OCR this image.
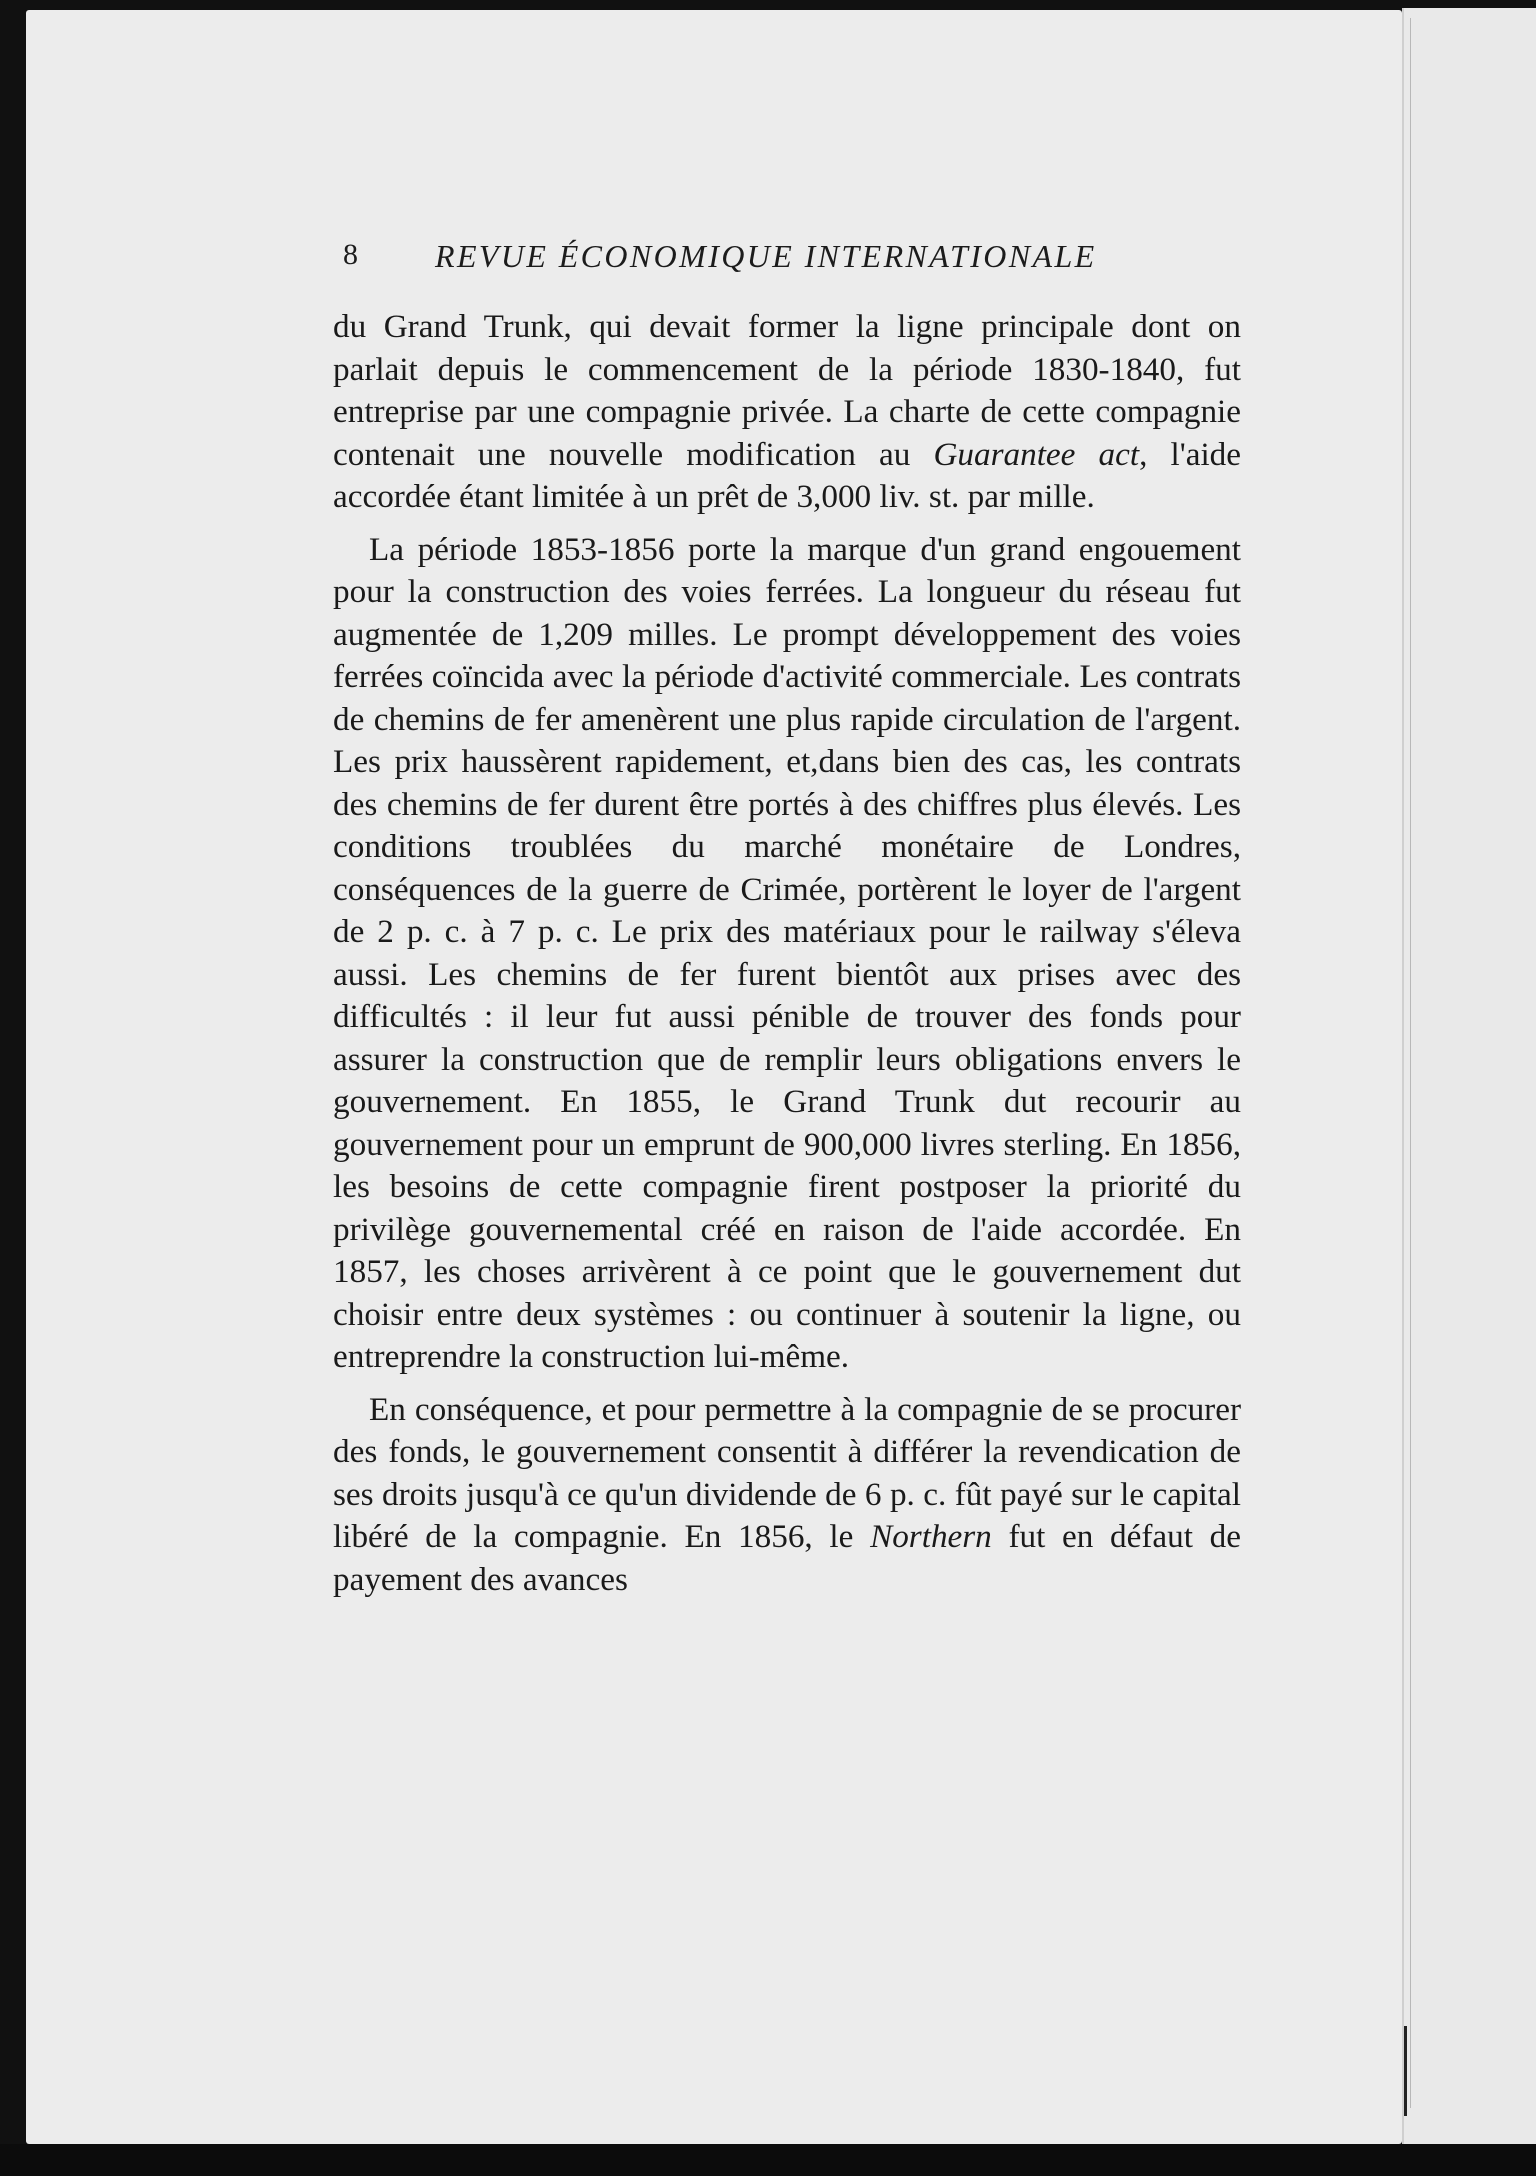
8 REVUE ÉCONOMIQUE INTERNATIONALE

du Grand Trunk, qui devait former la ligne principale dont on parlait depuis le commencement de la période 1830-1840, fut entreprise par une compagnie privée. La charte de cette compagnie contenait une nouvelle modification au Guarantee act, l'aide accordée étant limitée à un prêt de 3,000 liv. st. par mille.

La période 1853-1856 porte la marque d'un grand engouement pour la construction des voies ferrées. La longueur du réseau fut augmentée de 1,209 milles. Le prompt développement des voies ferrées coïncida avec la période d'activité commerciale. Les contrats de chemins de fer amenèrent une plus rapide circulation de l'argent. Les prix haussèrent rapidement, et,dans bien des cas, les contrats des chemins de fer durent être portés à des chiffres plus élevés. Les conditions troublées du marché monétaire de Londres, conséquences de la guerre de Crimée, portèrent le loyer de l'argent de 2 p. c. à 7 p. c. Le prix des matériaux pour le railway s'éleva aussi. Les chemins de fer furent bientôt aux prises avec des difficultés : il leur fut aussi pénible de trouver des fonds pour assurer la construction que de remplir leurs obligations envers le gouvernement. En 1855, le Grand Trunk dut recourir au gouvernement pour un emprunt de 900,000 livres sterling. En 1856, les besoins de cette compagnie firent postposer la priorité du privilège gouvernemental créé en raison de l'aide accordée. En 1857, les choses arrivèrent à ce point que le gouvernement dut choisir entre deux systèmes : ou continuer à soutenir la ligne, ou entreprendre la construction lui-même.

En conséquence, et pour permettre à la compagnie de se procurer des fonds, le gouvernement consentit à différer la revendication de ses droits jusqu'à ce qu'un dividende de 6 p. c. fût payé sur le capital libéré de la compagnie. En 1856, le Northern fut en défaut de payement des avances
